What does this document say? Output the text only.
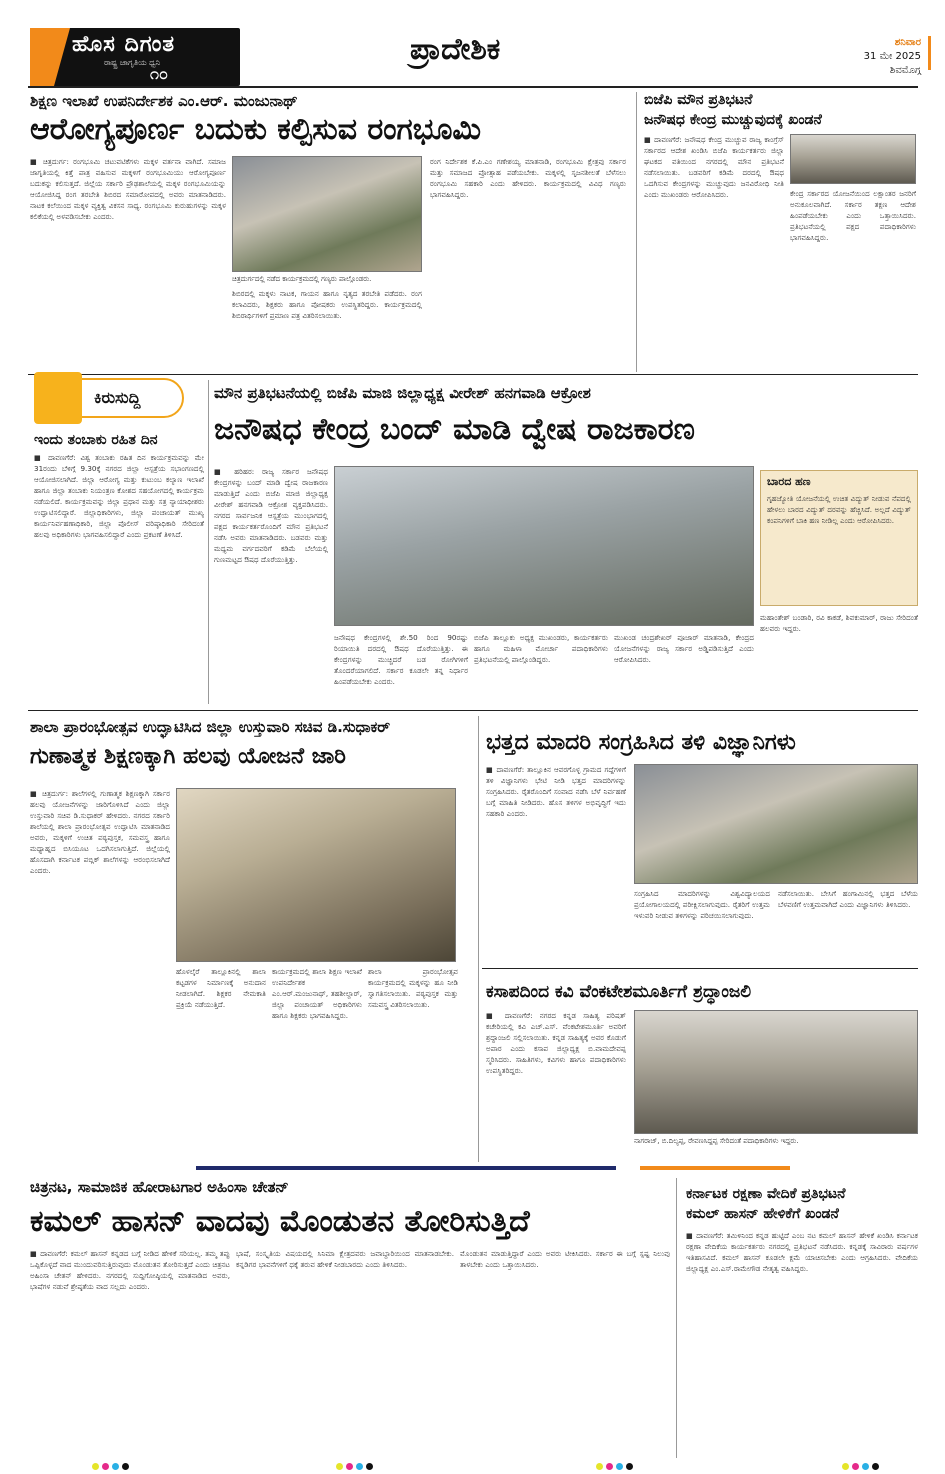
ಹೊಸ ದಿಗಂತ
ರಾಷ್ಟ್ರ ಜಾಗೃತಿಯ ಧ್ವನಿ
೧೦
ಪ್ರಾದೇಶಿಕ	ಶನಿವಾರ
31 ಮೇ 2025
ಶಿವಮೊಗ್ಗ
ಶಿಕ್ಷಣ ಇಲಾಖೆ ಉಪನಿರ್ದೇಶಕ ಎಂ.ಆರ್. ಮಂಜುನಾಥ್
ಆರೋಗ್ಯಪೂರ್ಣ ಬದುಕು ಕಲ್ಪಿಸುವ ರಂಗಭೂಮಿ
■ ಚಿತ್ರದುರ್ಗ: ರಂಗಭೂಮಿ ಚಟುವಟಿಕೆಗಳು ಮಕ್ಕಳ ವರ್ತನಾ ವಾಗಿದೆ. ಸಮಾಜ ಜಾಗೃತಿಯಲ್ಲಿ ಕಿತ್ತೆ ಪಾತ್ರ ವಹಿಸುವ ಮಕ್ಕಳಿಗೆ ರಂಗಭೂಮಿಯು ಆರೋಗ್ಯಪೂರ್ಣ ಬದುಕನ್ನು ಕಲಿಸುತ್ತದೆ. ಜಿಲ್ಲೆಯ ಸರ್ಕಾರಿ ಪ್ರೌಢಶಾಲೆಯಲ್ಲಿ ಮಕ್ಕಳ ರಂಗಭೂಮಿಯನ್ನು ಆಯೋಜಿಸಿದ್ದ ರಂಗ ತರಬೇತಿ ಶಿಬಿರದ ಸಮಾರೋಪದಲ್ಲಿ ಅವರು ಮಾತನಾಡಿದರು. ನಾಟಕ ಕಲೆಯಿಂದ ಮಕ್ಕಳ ವ್ಯಕ್ತಿತ್ವ ವಿಕಸನ ಸಾಧ್ಯ. ರಂಗಭೂಮಿ ಕುರುಹುಗಳನ್ನು ಮಕ್ಕಳ ಕಲಿಕೆಯಲ್ಲಿ ಅಳವಡಿಸಬೇಕು ಎಂದರು.
ಚಿತ್ರದುರ್ಗದಲ್ಲಿ ನಡೆದ ಕಾರ್ಯಕ್ರಮದಲ್ಲಿ ಗಣ್ಯರು ಪಾಲ್ಗೊಂಡರು.
ಶಿಬಿರದಲ್ಲಿ ಮಕ್ಕಳು ನಾಟಕ, ಗಾಯನ ಹಾಗೂ ನೃತ್ಯದ ತರಬೇತಿ ಪಡೆದರು. ರಂಗ ಕಲಾವಿದರು, ಶಿಕ್ಷಕರು ಹಾಗೂ ಪೋಷಕರು ಉಪಸ್ಥಿತರಿದ್ದರು. ಕಾರ್ಯಕ್ರಮದಲ್ಲಿ ಶಿಬಿರಾರ್ಥಿಗಳಿಗೆ ಪ್ರಮಾಣ ಪತ್ರ ವಿತರಿಸಲಾಯಿತು.
ರಂಗ ನಿರ್ದೇಶಕ ಕೆ.ಪಿ.ಎಂ ಗಣೇಶಯ್ಯ ಮಾತನಾಡಿ, ರಂಗಭೂಮಿ ಕ್ಷೇತ್ರವು ಸರ್ಕಾರ ಮತ್ತು ಸಮಾಜದ ಪ್ರೋತ್ಸಾಹ ಪಡೆಯಬೇಕು. ಮಕ್ಕಳಲ್ಲಿ ಸೃಜನಶೀಲತೆ ಬೆಳೆಸಲು ರಂಗಭೂಮಿ ಸಹಕಾರಿ ಎಂದು ಹೇಳಿದರು. ಕಾರ್ಯಕ್ರಮದಲ್ಲಿ ವಿವಿಧ ಗಣ್ಯರು ಭಾಗವಹಿಸಿದ್ದರು.
ಬಿಜೆಪಿ ಮೌನ ಪ್ರತಿಭಟನೆ
ಜನೌಷಧ ಕೇಂದ್ರ ಮುಚ್ಚುವುದಕ್ಕೆ ಖಂಡನೆ
■ ದಾವಣಗೆರೆ: ಜನೌಷಧ ಕೇಂದ್ರ ಮುಚ್ಚುವ ರಾಜ್ಯ ಕಾಂಗ್ರೆಸ್ ಸರ್ಕಾರದ ಆದೇಶ ಖಂಡಿಸಿ ಬಿಜೆಪಿ ಕಾರ್ಯಕರ್ತರು ಜಿಲ್ಲಾ ಘಟಕದ ವತಿಯಿಂದ ನಗರದಲ್ಲಿ ಮೌನ ಪ್ರತಿಭಟನೆ ನಡೆಸಲಾಯಿತು. ಬಡವರಿಗೆ ಕಡಿಮೆ ದರದಲ್ಲಿ ಔಷಧ ಒದಗಿಸುವ ಕೇಂದ್ರಗಳನ್ನು ಮುಚ್ಚುವುದು ಜನವಿರೋಧಿ ನೀತಿ ಎಂದು ಮುಖಂಡರು ಆರೋಪಿಸಿದರು.	ಕೇಂದ್ರ ಸರ್ಕಾರದ ಯೋಜನೆಯಿಂದ ಲಕ್ಷಾಂತರ ಜನರಿಗೆ ಅನುಕೂಲವಾಗಿದೆ. ಸರ್ಕಾರ ತಕ್ಷಣ ಆದೇಶ ಹಿಂಪಡೆಯಬೇಕು ಎಂದು ಒತ್ತಾಯಿಸಿದರು. ಪ್ರತಿಭಟನೆಯಲ್ಲಿ ಪಕ್ಷದ ಪದಾಧಿಕಾರಿಗಳು ಭಾಗವಹಿಸಿದ್ದರು.
ಕಿರುಸುದ್ದಿ
ಇಂದು ತಂಬಾಕು ರಹಿತ ದಿನ
■ ದಾವಣಗೆರೆ: ವಿಶ್ವ ತಂಬಾಕು ರಹಿತ ದಿನ ಕಾರ್ಯಕ್ರಮವನ್ನು ಮೇ 31ರಂದು ಬೆಳಿಗ್ಗೆ 9.30ಕ್ಕೆ ನಗರದ ಜಿಲ್ಲಾ ಆಸ್ಪತ್ರೆಯ ಸಭಾಂಗಣದಲ್ಲಿ ಆಯೋಜಿಸಲಾಗಿದೆ. ಜಿಲ್ಲಾ ಆರೋಗ್ಯ ಮತ್ತು ಕುಟುಂಬ ಕಲ್ಯಾಣ ಇಲಾಖೆ ಹಾಗೂ ಜಿಲ್ಲಾ ತಂಬಾಕು ನಿಯಂತ್ರಣ ಕೋಶದ ಸಹಯೋಗದಲ್ಲಿ ಕಾರ್ಯಕ್ರಮ ನಡೆಯಲಿದೆ. ಕಾರ್ಯಕ್ರಮವನ್ನು ಜಿಲ್ಲಾ ಪ್ರಧಾನ ಮತ್ತು ಸತ್ರ ನ್ಯಾಯಾಧೀಶರು ಉದ್ಘಾಟಿಸಲಿದ್ದಾರೆ. ಜಿಲ್ಲಾಧಿಕಾರಿಗಳು, ಜಿಲ್ಲಾ ಪಂಚಾಯತ್ ಮುಖ್ಯ ಕಾರ್ಯನಿರ್ವಹಣಾಧಿಕಾರಿ, ಜಿಲ್ಲಾ ಪೊಲೀಸ್ ವರಿಷ್ಠಾಧಿಕಾರಿ ಸೇರಿದಂತೆ ಹಲವು ಅಧಿಕಾರಿಗಳು ಭಾಗವಹಿಸಲಿದ್ದಾರೆ ಎಂದು ಪ್ರಕಟಣೆ ತಿಳಿಸಿದೆ.
ಮೌನ ಪ್ರತಿಭಟನೆಯಲ್ಲಿ ಬಿಜೆಪಿ ಮಾಜಿ ಜಿಲ್ಲಾಧ್ಯಕ್ಷ ವೀರೇಶ್ ಹನಗವಾಡಿ ಆಕ್ರೋಶ
ಜನೌಷಧ ಕೇಂದ್ರ ಬಂದ್ ಮಾಡಿ ದ್ವೇಷ ರಾಜಕಾರಣ
■ ಹರಿಹರ: ರಾಜ್ಯ ಸರ್ಕಾರ ಜನೌಷಧ ಕೇಂದ್ರಗಳನ್ನು ಬಂದ್ ಮಾಡಿ ದ್ವೇಷ ರಾಜಕಾರಣ ಮಾಡುತ್ತಿದೆ ಎಂದು ಬಿಜೆಪಿ ಮಾಜಿ ಜಿಲ್ಲಾಧ್ಯಕ್ಷ ವೀರೇಶ್ ಹನಗವಾಡಿ ಆಕ್ರೋಶ ವ್ಯಕ್ತಪಡಿಸಿದರು. ನಗರದ ಸಾರ್ವಜನಿಕ ಆಸ್ಪತ್ರೆಯ ಮುಂಭಾಗದಲ್ಲಿ ಪಕ್ಷದ ಕಾರ್ಯಕರ್ತರೊಂದಿಗೆ ಮೌನ ಪ್ರತಿಭಟನೆ ನಡೆಸಿ ಅವರು ಮಾತನಾಡಿದರು. ಬಡವರು ಮತ್ತು ಮಧ್ಯಮ ವರ್ಗದವರಿಗೆ ಕಡಿಮೆ ಬೆಲೆಯಲ್ಲಿ ಗುಣಮಟ್ಟದ ಔಷಧ ದೊರೆಯುತ್ತಿತ್ತು.
ಜನೌಷಧ ಕೇಂದ್ರಗಳಲ್ಲಿ ಶೇ.50 ರಿಂದ 90ರಷ್ಟು ರಿಯಾಯಿತಿ ದರದಲ್ಲಿ ಔಷಧ ದೊರೆಯುತ್ತಿತ್ತು. ಈ ಕೇಂದ್ರಗಳನ್ನು ಮುಚ್ಚಿದರೆ ಬಡ ರೋಗಿಗಳಿಗೆ ತೊಂದರೆಯಾಗಲಿದೆ. ಸರ್ಕಾರ ಕೂಡಲೇ ತನ್ನ ನಿರ್ಧಾರ ಹಿಂಪಡೆಯಬೇಕು ಎಂದರು.
ಬಿಜೆಪಿ ತಾಲ್ಲೂಕು ಅಧ್ಯಕ್ಷ ಮುಖಂಡರು, ಕಾರ್ಯಕರ್ತರು ಹಾಗೂ ಮಹಿಳಾ ಮೋರ್ಚಾ ಪದಾಧಿಕಾರಿಗಳು ಪ್ರತಿಭಟನೆಯಲ್ಲಿ ಪಾಲ್ಗೊಂಡಿದ್ದರು.
ಮುಖಂಡ ಚಂದ್ರಶೇಖರ್ ಪೂಜಾರ್ ಮಾತನಾಡಿ, ಕೇಂದ್ರದ ಯೋಜನೆಗಳನ್ನು ರಾಜ್ಯ ಸರ್ಕಾರ ಅಡ್ಡಿಪಡಿಸುತ್ತಿದೆ ಎಂದು ಆರೋಪಿಸಿದರು.
ಬಾರದ ಹಣ
ಗೃಹಜ್ಯೋತಿ ಯೋಜನೆಯಲ್ಲಿ ಉಚಿತ ವಿದ್ಯುತ್ ನೀಡುವ ನೆಪದಲ್ಲಿ ಹೇಳಲು ಬಾರದ ವಿದ್ಯುತ್ ದರವನ್ನು ಹೆಚ್ಚಿಸಿದೆ. ಅಲ್ಲದೆ ವಿದ್ಯುತ್ ಕಂಪನಿಗಳಿಗೆ ಬಾಕಿ ಹಣ ನೀಡಿಲ್ಲ ಎಂದು ಆರೋಪಿಸಿದರು.
ಮಹಾಂತೇಶ್ ಬಂಡಾರಿ, ರವಿ ಕಾಕಡೆ, ಶಿವಕುಮಾರ್, ರಾಜು ಸೇರಿದಂತೆ ಹಲವರು ಇದ್ದರು.
ಶಾಲಾ ಪ್ರಾರಂಭೋತ್ಸವ ಉದ್ಘಾಟಿಸಿದ ಜಿಲ್ಲಾ ಉಸ್ತುವಾರಿ ಸಚಿವ ಡಿ.ಸುಧಾಕರ್
ಗುಣಾತ್ಮಕ ಶಿಕ್ಷಣಕ್ಕಾಗಿ ಹಲವು ಯೋಜನೆ ಜಾರಿ
■ ಚಿತ್ರದುರ್ಗ: ಶಾಲೆಗಳಲ್ಲಿ ಗುಣಾತ್ಮಕ ಶಿಕ್ಷಣಕ್ಕಾಗಿ ಸರ್ಕಾರ ಹಲವು ಯೋಜನೆಗಳನ್ನು ಜಾರಿಗೊಳಿಸಿದೆ ಎಂದು ಜಿಲ್ಲಾ ಉಸ್ತುವಾರಿ ಸಚಿವ ಡಿ.ಸುಧಾಕರ್ ಹೇಳಿದರು. ನಗರದ ಸರ್ಕಾರಿ ಶಾಲೆಯಲ್ಲಿ ಶಾಲಾ ಪ್ರಾರಂಭೋತ್ಸವ ಉದ್ಘಾಟಿಸಿ ಮಾತನಾಡಿದ ಅವರು, ಮಕ್ಕಳಿಗೆ ಉಚಿತ ಪಠ್ಯಪುಸ್ತಕ, ಸಮವಸ್ತ್ರ ಹಾಗೂ ಮಧ್ಯಾಹ್ನದ ಬಿಸಿಯೂಟ ಒದಗಿಸಲಾಗುತ್ತಿದೆ. ಜಿಲ್ಲೆಯಲ್ಲಿ ಹೊಸದಾಗಿ ಕರ್ನಾಟಕ ಪಬ್ಲಿಕ್ ಶಾಲೆಗಳನ್ನು ಆರಂಭಿಸಲಾಗಿದೆ ಎಂದರು.
ಹೊಳಲ್ಕೆರೆ ತಾಲ್ಲೂಕಿನಲ್ಲಿ ಶಾಲಾ ಕಟ್ಟಡಗಳ ನಿರ್ಮಾಣಕ್ಕೆ ಅನುದಾನ ನೀಡಲಾಗಿದೆ. ಶಿಕ್ಷಕರ ನೇಮಕಾತಿ ಪ್ರಕ್ರಿಯೆ ನಡೆಯುತ್ತಿದೆ.
ಕಾರ್ಯಕ್ರಮದಲ್ಲಿ ಶಾಲಾ ಶಿಕ್ಷಣ ಇಲಾಖೆ ಉಪನಿರ್ದೇಶಕ ಎಂ.ಆರ್.ಮಂಜುನಾಥ್, ತಹಶೀಲ್ದಾರ್, ಜಿಲ್ಲಾ ಪಂಚಾಯತ್ ಅಧಿಕಾರಿಗಳು ಹಾಗೂ ಶಿಕ್ಷಕರು ಭಾಗವಹಿಸಿದ್ದರು.
ಶಾಲಾ ಪ್ರಾರಂಭೋತ್ಸವ ಕಾರ್ಯಕ್ರಮದಲ್ಲಿ ಮಕ್ಕಳನ್ನು ಹೂ ನೀಡಿ ಸ್ವಾಗತಿಸಲಾಯಿತು. ಪಠ್ಯಪುಸ್ತಕ ಮತ್ತು ಸಮವಸ್ತ್ರ ವಿತರಿಸಲಾಯಿತು.
ಭತ್ತದ ಮಾದರಿ ಸಂಗ್ರಹಿಸಿದ ತಳಿ ವಿಜ್ಞಾನಿಗಳು
■ ದಾವಣಗೆರೆ: ತಾಲ್ಲೂಕಿನ ಆವರಗೊಳ್ಳ ಗ್ರಾಮದ ಗದ್ದೆಗಳಿಗೆ ತಳಿ ವಿಜ್ಞಾನಿಗಳು ಭೇಟಿ ನೀಡಿ ಭತ್ತದ ಮಾದರಿಗಳನ್ನು ಸಂಗ್ರಹಿಸಿದರು. ರೈತರೊಂದಿಗೆ ಸಂವಾದ ನಡೆಸಿ ಬೆಳೆ ನಿರ್ವಹಣೆ ಬಗ್ಗೆ ಮಾಹಿತಿ ನೀಡಿದರು. ಹೊಸ ತಳಿಗಳ ಅಭಿವೃದ್ಧಿಗೆ ಇದು ಸಹಕಾರಿ ಎಂದರು.
ಸಂಗ್ರಹಿಸಿದ ಮಾದರಿಗಳನ್ನು ವಿಶ್ವವಿದ್ಯಾಲಯದ ಪ್ರಯೋಗಾಲಯದಲ್ಲಿ ಪರೀಕ್ಷಿಸಲಾಗುವುದು. ರೈತರಿಗೆ ಉತ್ತಮ ಇಳುವರಿ ನೀಡುವ ತಳಿಗಳನ್ನು ಪರಿಚಯಿಸಲಾಗುವುದು.
ನಡೆಸಲಾಯಿತು. ಬೇಸಿಗೆ ಹಂಗಾಮಿನಲ್ಲಿ ಭತ್ತದ ಬೆಳೆಯ ಬೆಳವಣಿಗೆ ಉತ್ತಮವಾಗಿದೆ ಎಂದು ವಿಜ್ಞಾನಿಗಳು ತಿಳಿಸಿದರು.
ಕಸಾಪದಿಂದ ಕವಿ ವೆಂಕಟೇಶಮೂರ್ತಿಗೆ ಶ್ರದ್ಧಾಂಜಲಿ
■ ದಾವಣಗೆರೆ: ನಗರದ ಕನ್ನಡ ಸಾಹಿತ್ಯ ಪರಿಷತ್ ಕಚೇರಿಯಲ್ಲಿ ಕವಿ ಎಚ್.ಎಸ್. ವೆಂಕಟೇಶಮೂರ್ತಿ ಅವರಿಗೆ ಶ್ರದ್ಧಾಂಜಲಿ ಸಲ್ಲಿಸಲಾಯಿತು. ಕನ್ನಡ ಸಾಹಿತ್ಯಕ್ಕೆ ಅವರ ಕೊಡುಗೆ ಅಪಾರ ಎಂದು ಕಸಾಪ ಜಿಲ್ಲಾಧ್ಯಕ್ಷ ಬಿ.ವಾಮದೇವಪ್ಪ ಸ್ಮರಿಸಿದರು. ಸಾಹಿತಿಗಳು, ಕವಿಗಳು ಹಾಗೂ ಪದಾಧಿಕಾರಿಗಳು ಉಪಸ್ಥಿತರಿದ್ದರು.
ನಾಗರಾಜ್, ಬಿ.ದಿಲ್ಯಪ್ಪ, ರೇವಣಸಿದ್ದಪ್ಪ ಸೇರಿದಂತೆ ಪದಾಧಿಕಾರಿಗಳು ಇದ್ದರು.
ಚಿತ್ರನಟ, ಸಾಮಾಜಿಕ ಹೋರಾಟಗಾರ ಅಹಿಂಸಾ ಚೇತನ್
ಕಮಲ್ ಹಾಸನ್ ವಾದವು ಮೊಂಡುತನ ತೋರಿಸುತ್ತಿದೆ
■ ದಾವಣಗೆರೆ: ಕಮಲ್ ಹಾಸನ್ ಕನ್ನಡದ ಬಗ್ಗೆ ನೀಡಿದ ಹೇಳಿಕೆ ಸರಿಯಲ್ಲ. ತಮ್ಮ ತಪ್ಪು ಒಪ್ಪಿಕೊಳ್ಳದೆ ವಾದ ಮುಂದುವರಿಸುತ್ತಿರುವುದು ಮೊಂಡುತನ ತೋರಿಸುತ್ತದೆ ಎಂದು ಚಿತ್ರನಟ ಅಹಿಂಸಾ ಚೇತನ್ ಹೇಳಿದರು. ನಗರದಲ್ಲಿ ಸುದ್ದಿಗೋಷ್ಠಿಯಲ್ಲಿ ಮಾತನಾಡಿದ ಅವರು, ಭಾಷೆಗಳ ನಡುವೆ ಶ್ರೇಷ್ಠತೆಯ ವಾದ ಸಲ್ಲದು ಎಂದರು.
ಭಾಷೆ, ಸಂಸ್ಕೃತಿಯ ವಿಷಯದಲ್ಲಿ ಸಿನಿಮಾ ಕ್ಷೇತ್ರದವರು ಜವಾಬ್ದಾರಿಯಿಂದ ಮಾತನಾಡಬೇಕು. ಕನ್ನಡಿಗರ ಭಾವನೆಗಳಿಗೆ ಧಕ್ಕೆ ತರುವ ಹೇಳಿಕೆ ನೀಡಬಾರದು ಎಂದು ತಿಳಿಸಿದರು.
ಮೊಂಡುತನ ಮಾಡುತ್ತಿದ್ದಾರೆ ಎಂದು ಅವರು ಟೀಕಿಸಿದರು. ಸರ್ಕಾರ ಈ ಬಗ್ಗೆ ಸ್ಪಷ್ಟ ನಿಲುವು ತಾಳಬೇಕು ಎಂದು ಒತ್ತಾಯಿಸಿದರು.
ಕರ್ನಾಟಕ ರಕ್ಷಣಾ ವೇದಿಕೆ ಪ್ರತಿಭಟನೆ
ಕಮಲ್ ಹಾಸನ್ ಹೇಳಿಕೆಗೆ ಖಂಡನೆ
■ ದಾವಣಗೆರೆ: ತಮಿಳಿನಿಂದ ಕನ್ನಡ ಹುಟ್ಟಿದೆ ಎಂಬ ನಟ ಕಮಲ್ ಹಾಸನ್ ಹೇಳಿಕೆ ಖಂಡಿಸಿ ಕರ್ನಾಟಕ ರಕ್ಷಣಾ ವೇದಿಕೆಯ ಕಾರ್ಯಕರ್ತರು ನಗರದಲ್ಲಿ ಪ್ರತಿಭಟನೆ ನಡೆಸಿದರು. ಕನ್ನಡಕ್ಕೆ ಸಾವಿರಾರು ವರ್ಷಗಳ ಇತಿಹಾಸವಿದೆ. ಕಮಲ್ ಹಾಸನ್ ಕೂಡಲೇ ಕ್ಷಮೆ ಯಾಚಿಸಬೇಕು ಎಂದು ಆಗ್ರಹಿಸಿದರು. ವೇದಿಕೆಯ ಜಿಲ್ಲಾಧ್ಯಕ್ಷ ಎಂ.ಎಸ್.ರಾಮೇಗೌಡ ನೇತೃತ್ವ ವಹಿಸಿದ್ದರು.
